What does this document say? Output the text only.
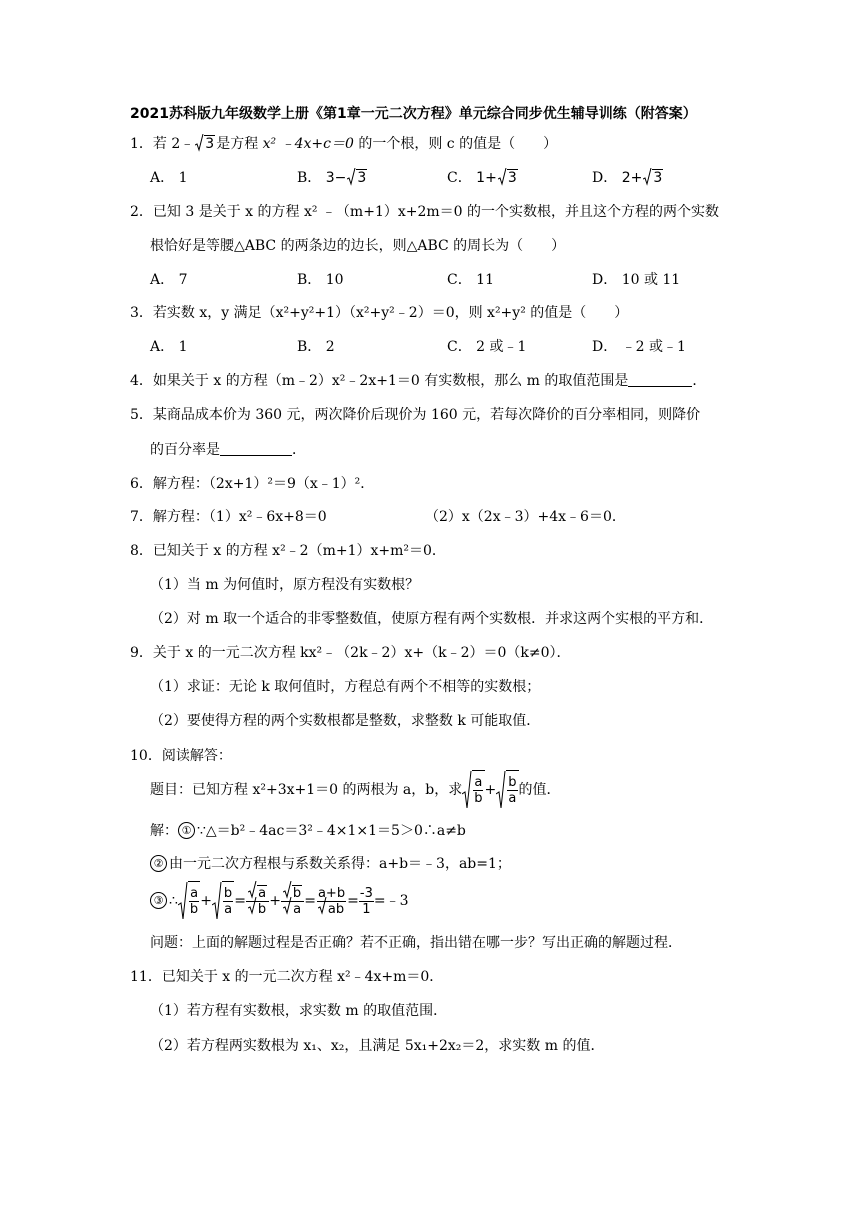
2021苏科版九年级数学上册《第1章一元二次方程》单元综合同步优生辅导训练（附答案）
1．若 2﹣ 3 是方程 x² ﹣4x+c＝0 的一个根，则 c 的值是（　　）
A． 1	B． 3− 3	C． 1+ 3	D． 2+ 3
2．已知 3 是关于 x 的方程 x² ﹣（m+1）x+2m＝0 的一个实数根，并且这个方程的两个实数
根恰好是等腰△ABC 的两条边的边长，则△ABC 的周长为（　　）
A． 7	B． 10	C． 11	D． 10 或 11
3．若实数 x，y 满足（x²+y²+1）（x²+y²﹣2）＝0，则 x²+y² 的值是（　　）
A． 1	B． 2	C． 2 或﹣1	D． ﹣2 或﹣1
4．如果关于 x 的方程（m﹣2）x²﹣2x+1＝0 有实数根，那么 m 的取值范围是	．
5．某商品成本价为 360 元，两次降价后现价为 160 元，若每次降价的百分率相同，则降价
的百分率是	．
6．解方程：（2x+1）²＝9（x﹣1）²．
7．解方程：（1）x²﹣6x+8＝0	（2）x（2x﹣3）+4x﹣6＝0．
8．已知关于 x 的方程 x²﹣2（m+1）x+m²＝0．
（1）当 m 为何值时，原方程没有实数根？
（2）对 m 取一个适合的非零整数值，使原方程有两个实数根．并求这两个实根的平方和．
9．关于 x 的一元二次方程 kx²﹣（2k﹣2）x+（k﹣2）＝0（k≠0）．
（1）求证：无论 k 取何值时，方程总有两个不相等的实数根；
（2）要使得方程的两个实数根都是整数，求整数 k 可能取值．
10．阅读解答：
题目：已知方程 x²+3x+1＝0 的两根为 a，b，求 $\frac{a}{b} + \frac{b}{a}$ 的值．
解： ① ∵△＝b²﹣4ac＝3²﹣4×1×1＝5＞0∴a≠b
② 由一元二次方程根与系数关系得：a+b＝﹣3，ab=1；
③ ∴ $\frac{a}{b} + \frac{b}{a} = \frac{a}{b} + \frac{b}{a} = \frac{a+b}{ab} = \frac{-3}{1}$ =﹣3
问题：上面的解题过程是否正确？若不正确，指出错在哪一步？写出正确的解题过程．
11．已知关于 x 的一元二次方程 x²﹣4x+m＝0．
（1）若方程有实数根，求实数 m 的取值范围．
（2）若方程两实数根为 x₁、x₂，且满足 5x₁+2x₂＝2，求实数 m 的值．
